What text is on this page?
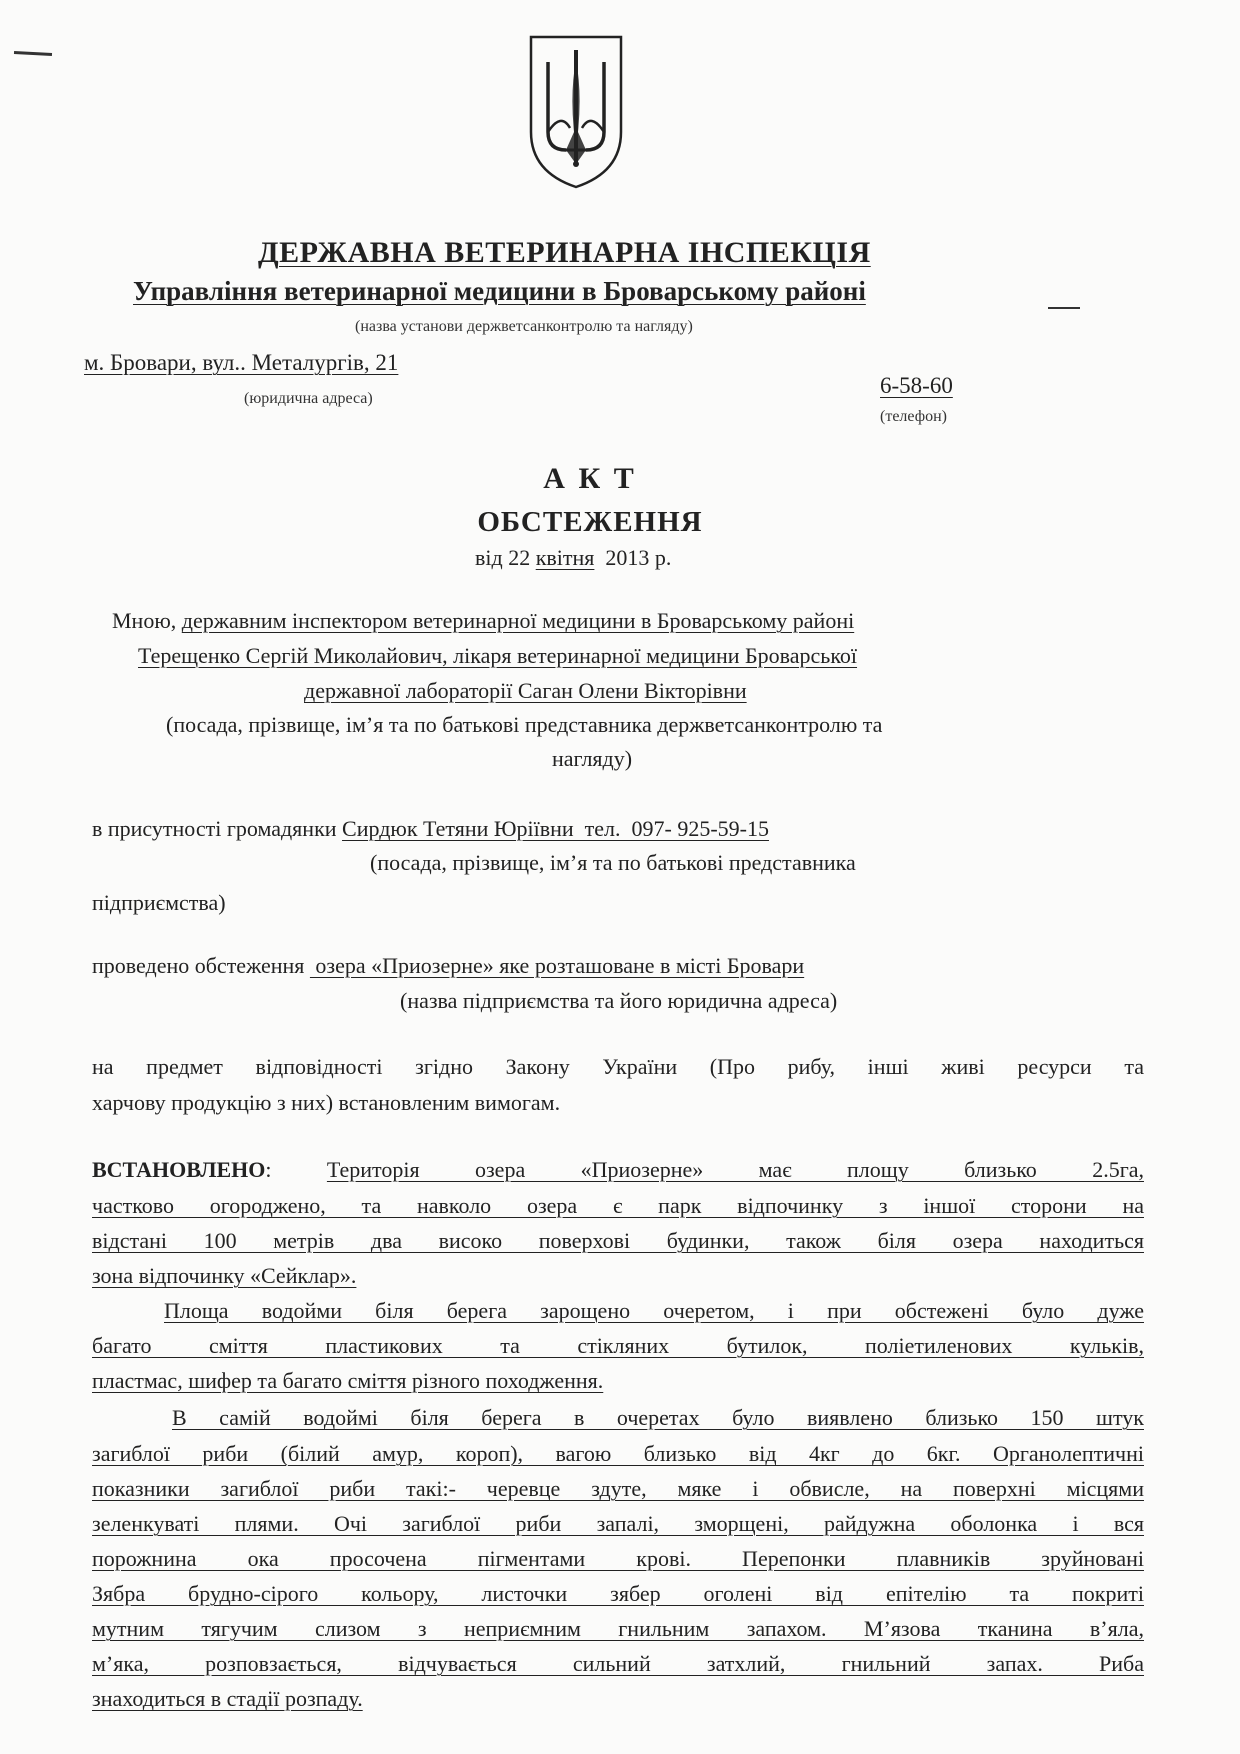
ДЕРЖАВНА ВЕТЕРИНАРНА ІНСПЕКЦІЯ
Управління ветеринарної медицини в Броварському районі
(назва установи держветсанконтролю та нагляду)
м. Бровари, вул.. Металургів, 21
(юридична адреса)
6-58-60
(телефон)
А К Т
ОБСТЕЖЕННЯ
від 22 квітня  2013 р.
Мною, державним інспектором ветеринарної медицини в Броварському районі
Терещенко Сергій Миколайович, лікаря ветеринарної медицини Броварської
державної лабораторії Саган Олени Вікторівни
(посада, прізвище, ім’я та по батькові представника держветсанконтролю та
нагляду)
в присутності громадянки Сирдюк Тетяни Юріївни  тел.  097- 925-59-15
(посада, прізвище, ім’я та по батькові представника
підприємства)
проведено обстеження  озера «Приозерне» яке розташоване в місті Бровари
(назва підприємства та його юридична адреса)
на предмет відповідності згідно Закону України (Про рибу, інші живі ресурси та
харчову продукцію з них) встановленим вимогам.
ВСТАНОВЛЕНО: Територія озера «Приозерне» має площу близько 2.5га,
частково огороджено, та навколо озера є парк відпочинку з іншої сторони на
відстані 100 метрів два високо поверхові будинки, також біля озера находиться
зона відпочинку «Сейклар».
Площа водойми біля берега зарощено очеретом, і при обстежені було дуже
багато сміття пластикових та стікляних бутилок, поліетиленових кульків,
пластмас, шифер та багато сміття різного походження.
В самій водоймі біля берега в очеретах було виявлено близько 150 штук
загиблої риби (білий амур, короп), вагою близько від 4кг до 6кг. Органолептичні
показники загиблої риби такі:- черевце здуте, мяке і обвисле, на поверхні місцями
зеленкуваті плями. Очі загиблої риби запалі, зморщені, райдужна оболонка і вся
порожнина ока просочена пігментами крові. Перепонки плавників зруйновані
Зябра брудно-сірого кольору, листочки зябер оголені від епітелію та покриті
мутним тягучим слизом з неприємним гнильним запахом. М’язова тканина в’яла,
м’яка, розповзається, відчувається сильний затхлий, гнильний запах. Риба
знаходиться в стадії розпаду.
